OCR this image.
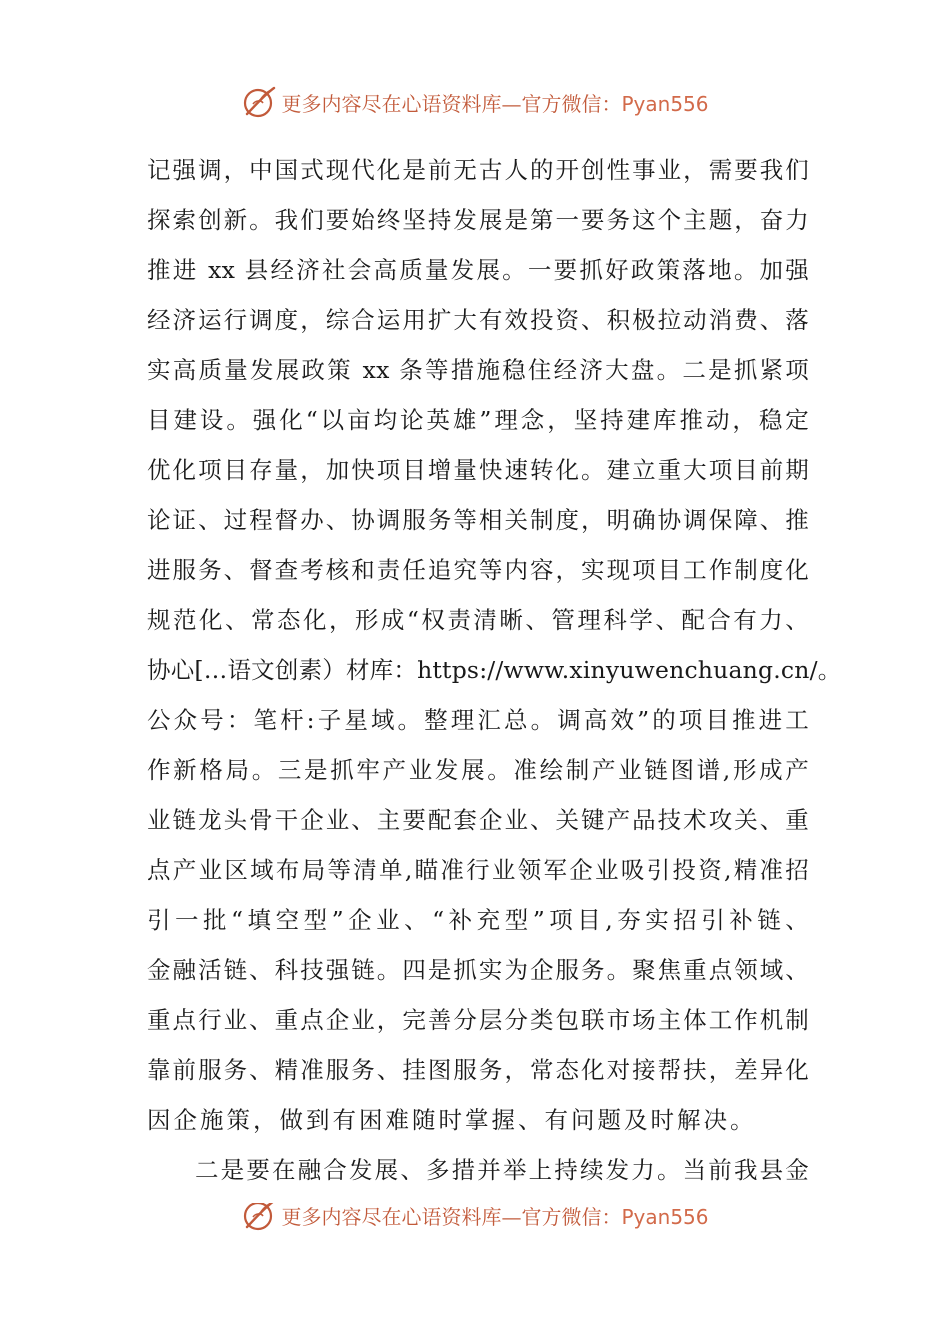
更多内容尽在心语资料库—官方微信：Pyan556
记强调，中国式现代化是前无古人的开创性事业，需要我们
探索创新。我们要始终坚持发展是第一要务这个主题，奋力
推进 xx 县经济社会高质量发展。一要抓好政策落地。加强
经济运行调度，综合运用扩大有效投资、积极拉动消费、落
实高质量发展政策 xx 条等措施稳住经济大盘。二是抓紧项
目建设。强化“以亩均论英雄”理念，坚持建库推动，稳定
优化项目存量，加快项目增量快速转化。建立重大项目前期
论证、过程督办、协调服务等相关制度，明确协调保障、推
进服务、督查考核和责任追究等内容，实现项目工作制度化
规范化、常态化，形成“权责清晰、管理科学、配合有力、
协心[…语文创素）材库：https://www.xinyuwenchuang.cn/。
公众号：笔杆:子星域。整理汇总。调高效”的项目推进工
作新格局。三是抓牢产业发展。准绘制产业链图谱,形成产
业链龙头骨干企业、主要配套企业、关键产品技术攻关、重
点产业区域布局等清单,瞄准行业领军企业吸引投资,精准招
引一批“填空型”企业、“补充型”项目,夯实招引补链、
金融活链、科技强链。四是抓实为企服务。聚焦重点领域、
重点行业、重点企业，完善分层分类包联市场主体工作机制
靠前服务、精准服务、挂图服务，常态化对接帮扶，差异化
因企施策，做到有困难随时掌握、有问题及时解决。
二是要在融合发展、多措并举上持续发力。当前我县金
更多内容尽在心语资料库—官方微信：Pyan556
